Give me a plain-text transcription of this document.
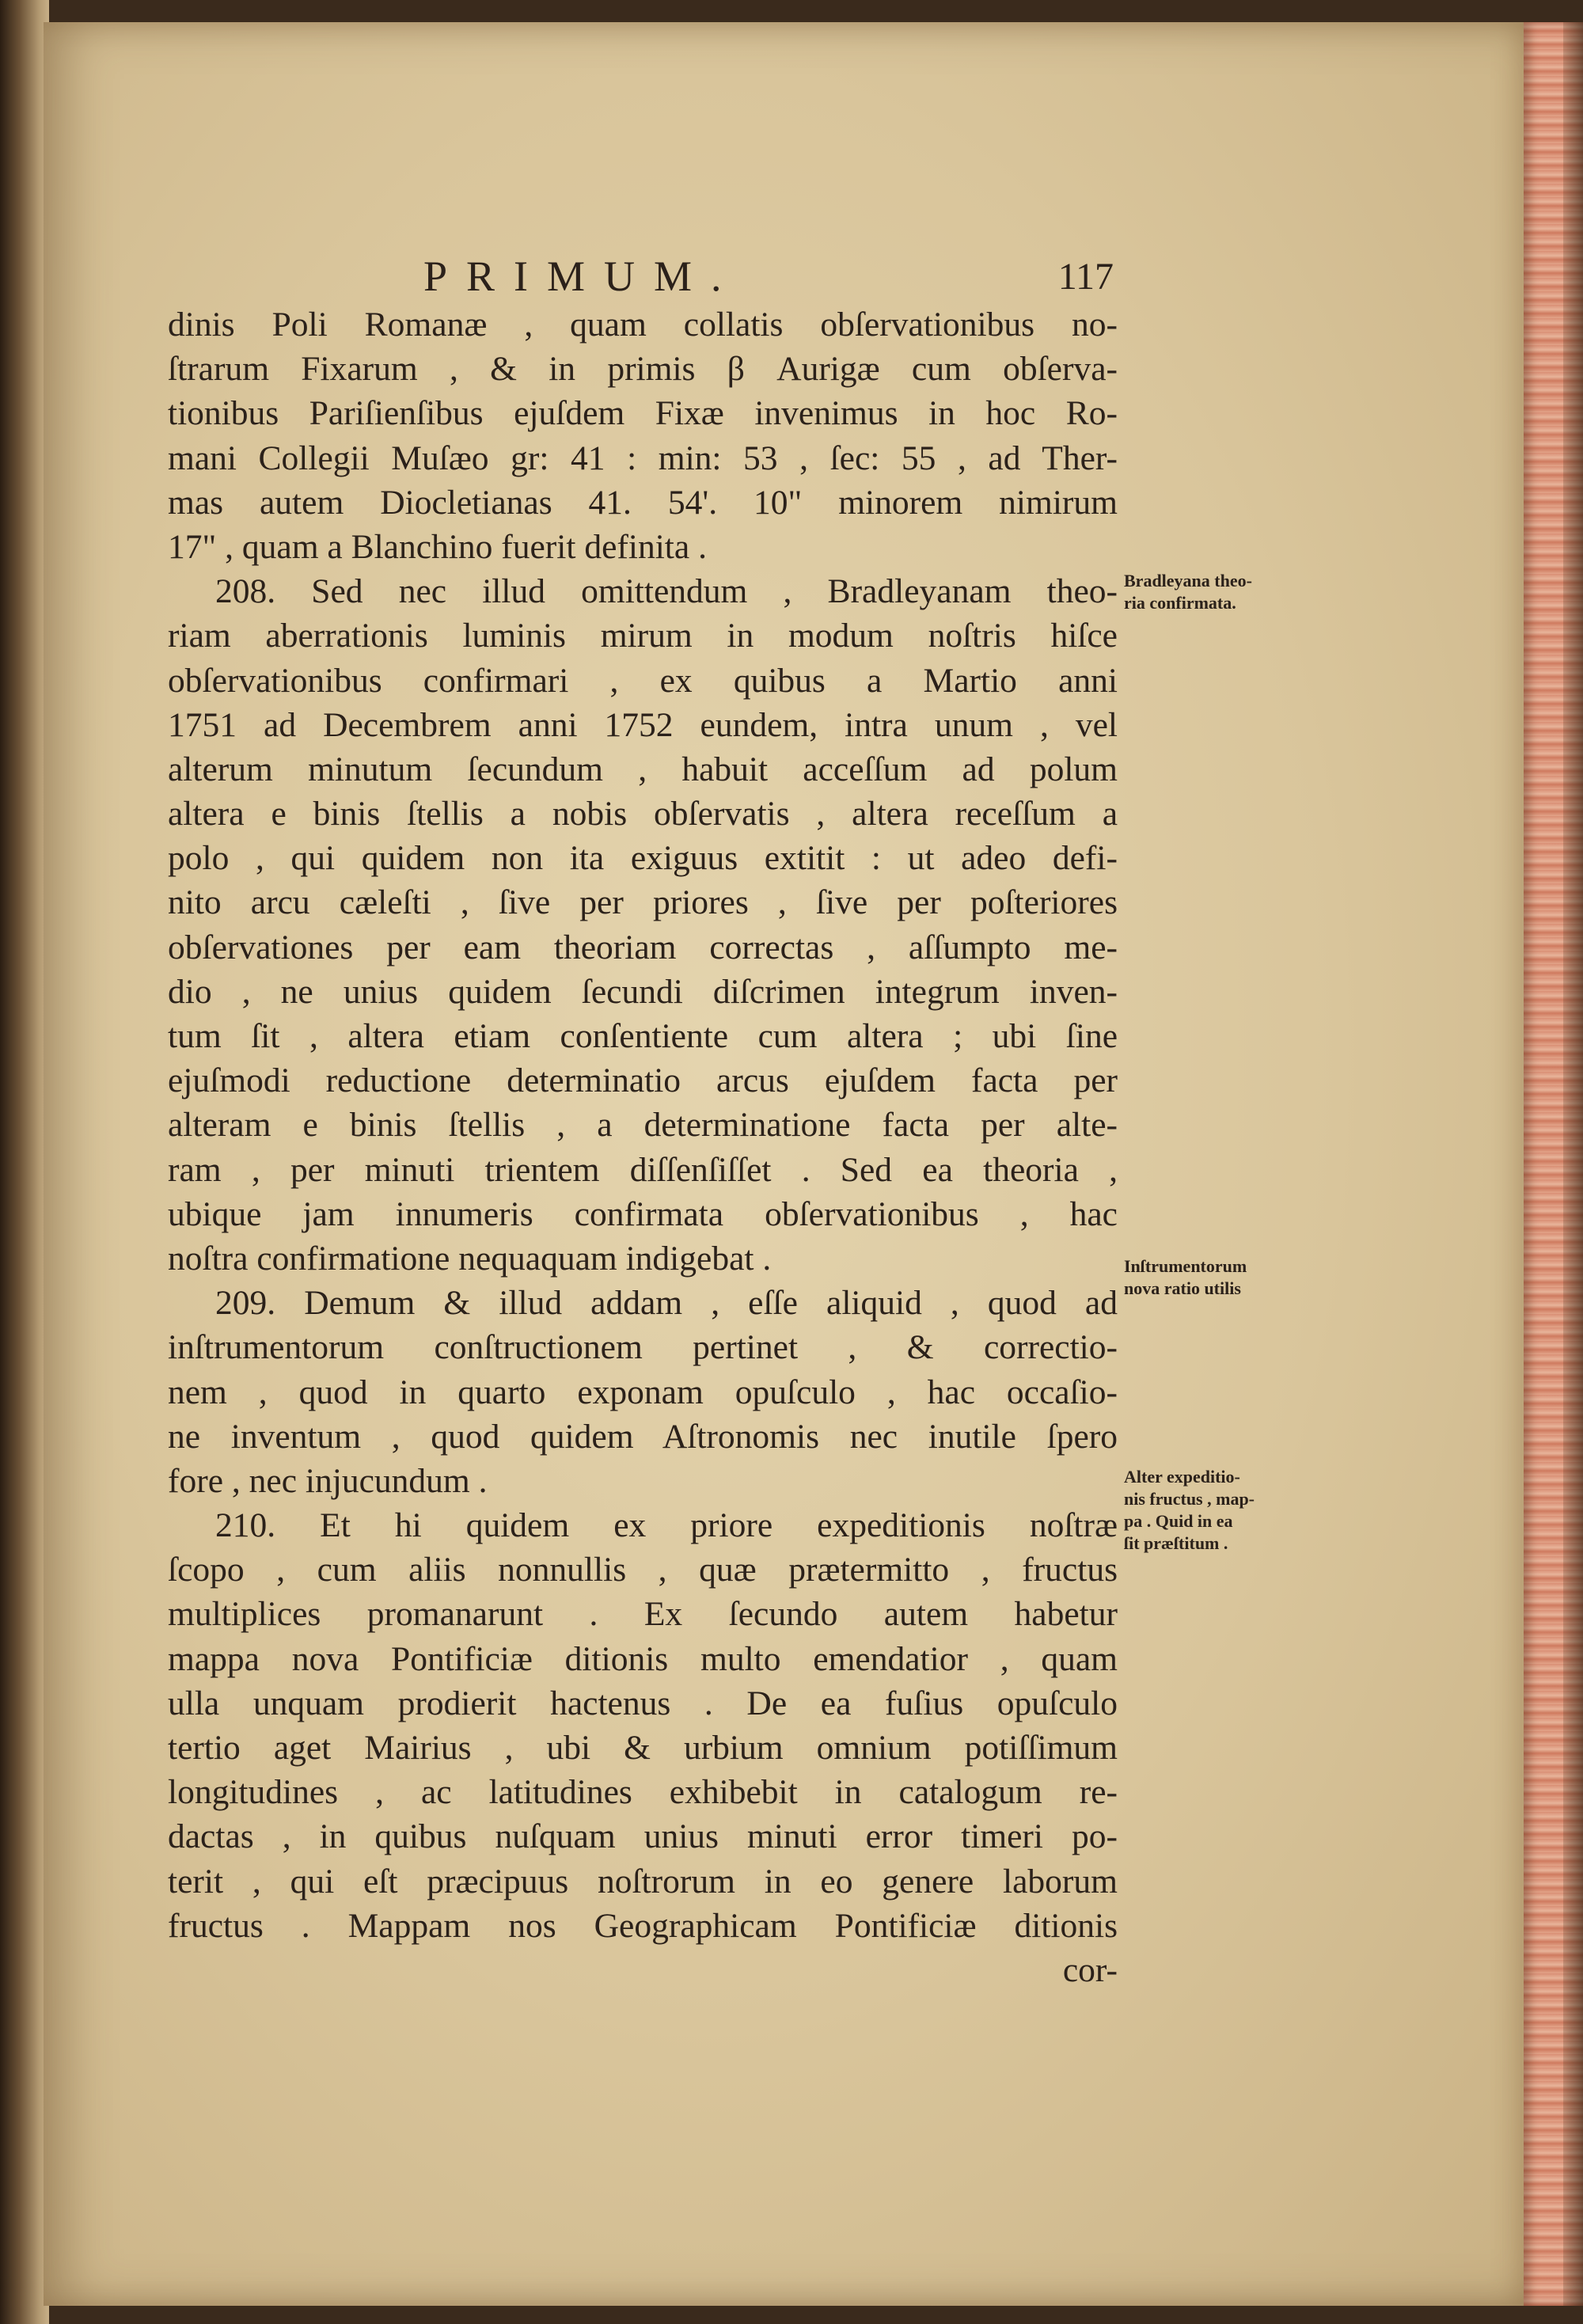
PRIMUM.	117
dinis Poli Romanæ , quam collatis obſervationibus no-
ſtrarum Fixarum , & in primis β Aurigæ cum obſerva-
tionibus Pariſienſibus ejuſdem Fixæ invenimus in hoc Ro-
mani Collegii Muſæo gr: 41 : min: 53 , ſec: 55 , ad Ther-
mas autem Diocletianas 41. 54'. 10" minorem nimirum
17" , quam a Blanchino fuerit definita .
208. Sed nec illud omittendum , Bradleyanam theo-
riam aberrationis luminis mirum in modum noſtris hiſce
obſervationibus confirmari , ex quibus a Martio anni
1751 ad Decembrem anni 1752 eundem, intra unum , vel
alterum minutum ſecundum , habuit acceſſum ad polum
altera e binis ſtellis a nobis obſervatis , altera receſſum a
polo , qui quidem non ita exiguus extitit : ut adeo defi-
nito arcu cæleſti , ſive per priores , ſive per poſteriores
obſervationes per eam theoriam correctas , aſſumpto me-
dio , ne unius quidem ſecundi diſcrimen integrum inven-
tum ſit , altera etiam conſentiente cum altera ; ubi ſine
ejuſmodi reductione determinatio arcus ejuſdem facta per
alteram e binis ſtellis , a determinatione facta per alte-
ram , per minuti trientem diſſenſiſſet . Sed ea theoria ,
ubique jam innumeris confirmata obſervationibus , hac
noſtra confirmatione nequaquam indigebat .
209. Demum & illud addam , eſſe aliquid , quod ad
inſtrumentorum conſtructionem pertinet , & correctio-
nem , quod in quarto exponam opuſculo , hac occaſio-
ne inventum , quod quidem Aſtronomis nec inutile ſpero
fore , nec injucundum .
210. Et hi quidem ex priore expeditionis noſtræ
ſcopo , cum aliis nonnullis , quæ prætermitto , fructus
multiplices promanarunt . Ex ſecundo autem habetur
mappa nova Pontificiæ ditionis multo emendatior , quam
ulla unquam prodierit hactenus . De ea fuſius opuſculo
tertio aget Mairius , ubi & urbium omnium potiſſimum
longitudines , ac latitudines exhibebit in catalogum re-
dactas , in quibus nuſquam unius minuti error timeri po-
terit , qui eſt præcipuus noſtrorum in eo genere laborum
fructus . Mappam nos Geographicam Pontificiæ ditionis
cor-
Bradleyana theo-
ria confirmata.
Inſtrumentorum
nova ratio utilis
Alter expeditio-
nis fructus , map-
pa . Quid in ea
ſit præſtitum .
